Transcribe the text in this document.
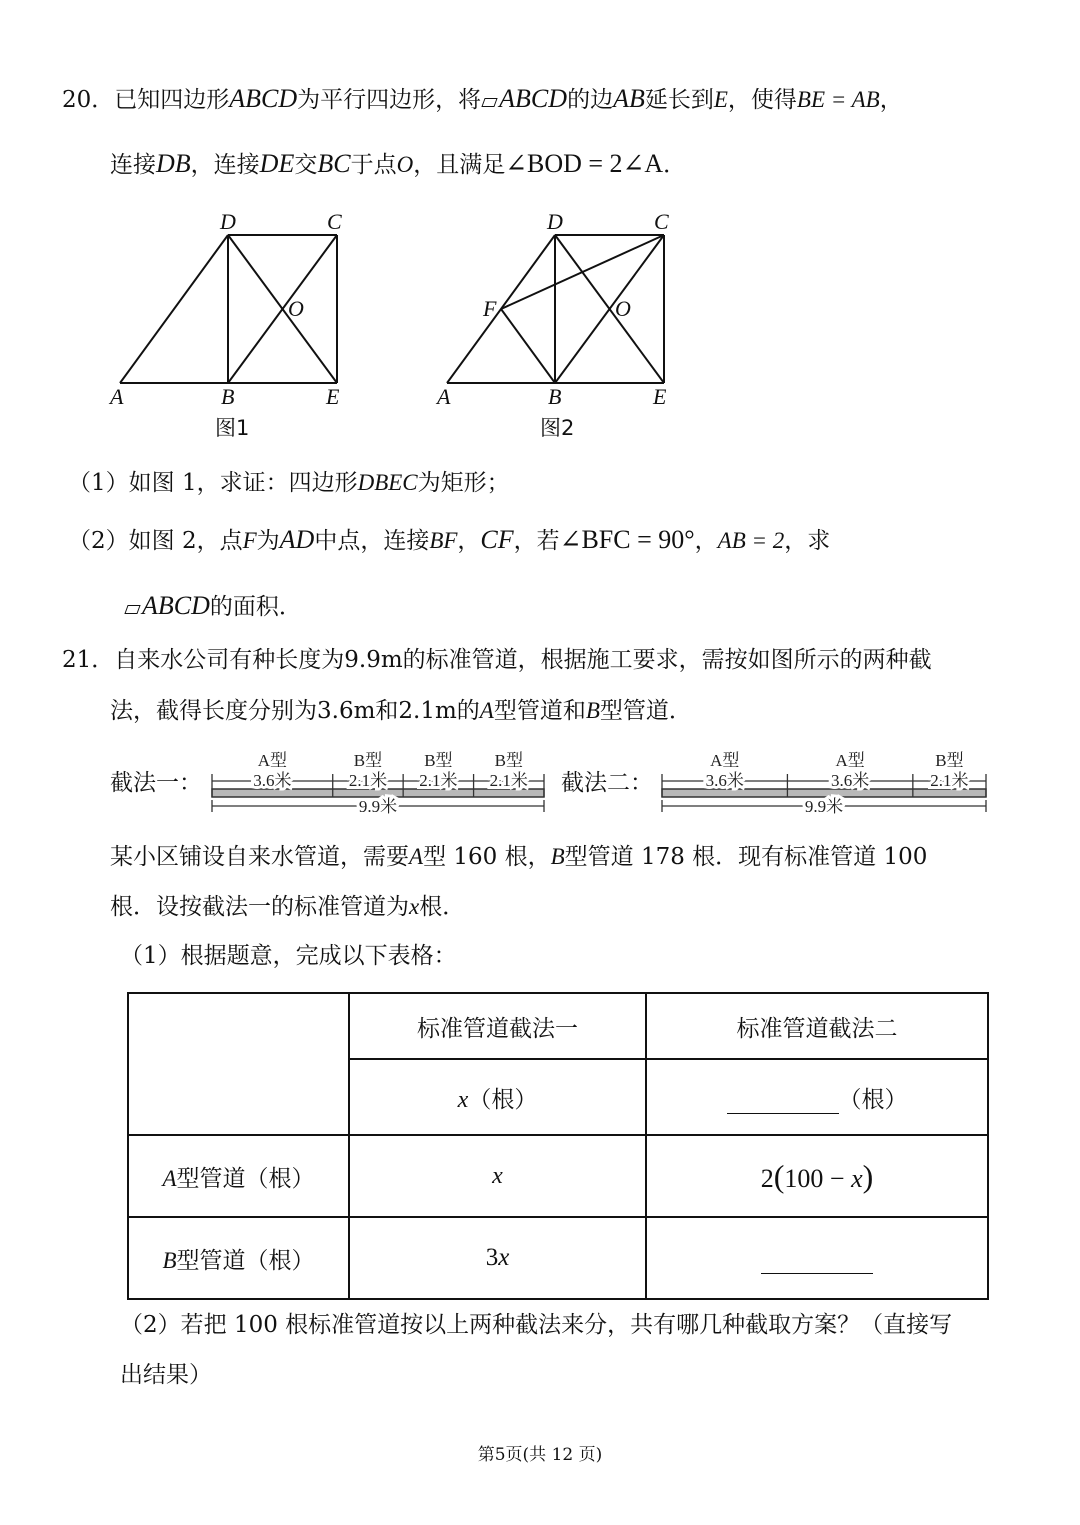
20．已知四边形ABCD为平行四边形，将 ABCD的边AB延长到E，使得BE = AB，
连接DB，连接DE交BC于点O，且满足∠BOD = 2∠A．
D	C
O
A	B	E
图1
D	C
F	O
A	B	E
图2
（1）如图 1，求证：四边形DBEC为矩形；
（2）如图 2，点F为AD中点，连接BF，CF，若∠BFC = 90°，AB = 2，求
ABCD的面积．
21．自来水公司有种长度为9.9m的标准管道，根据施工要求，需按如图所示的两种截
法，截得长度分别为3.6m和2.1m的A型管道和B型管道．
截法一：	截法二：
3.6米
A型
2.1米
B型
2.1米
B型
2.1米
B型
9.9米
3.6米
A型
3.6米
A型
2.1米
B型
9.9米
某小区铺设自来水管道，需要A型 160 根，B型管道 178 根．现有标准管道 100
根．设按截法一的标准管道为x根．
（1）根据题意，完成以下表格：
	标准管道截法一	标准管道截法二
	x（根）	（根）
A型管道（根）	x	2(100 − x)
B型管道（根）	3x	
（2）若把 100 根标准管道按以上两种截法来分，共有哪几种截取方案？（直接写
出结果）
第5页(共 12 页)
